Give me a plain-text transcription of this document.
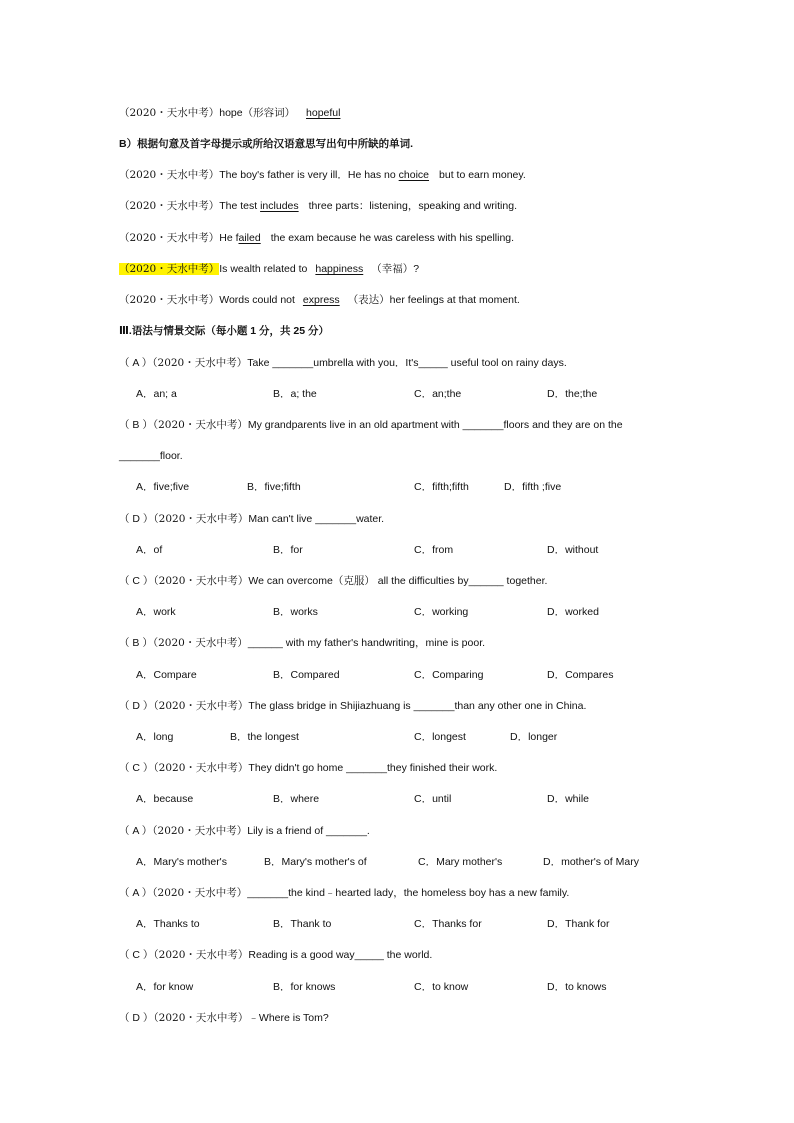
（2020・天水中考）hope（形容词） hopeful
B）根据句意及首字母提示或所给汉语意思写出句中所缺的单词.
（2020・天水中考）The boy's father is very ill．He has no choice but to earn money.
（2020・天水中考）The test includes three parts：listening，speaking and writing.
（2020・天水中考）He failed the exam because he was careless with his spelling.
（2020・天水中考）Is wealth related to happiness （幸福）?
（2020・天水中考）Words could not express （表达）her feelings at that moment.
Ⅲ.语法与情景交际（每小题 1 分，共 25 分）
（ A ）（2020・天水中考）Take _______umbrella with you．It's_____ useful tool on rainy days.
A．an; a	B．a; the	C．an;the	D．the;the
（ B ）（2020・天水中考）My grandparents live in an old apartment with _______floors and they are on the
_______floor.
A．five;five	B．five;fifth	C．fifth;fifth	D．fifth ;five
（ D ）（2020・天水中考）Man can't live _______water.
A．of	B．for	C．from	D．without
（ C ）（2020・天水中考）We can overcome（克服） all the difficulties by______ together.
A．work	B．works	C．working	D．worked
（ B ）（2020・天水中考）______ with my father's handwriting，mine is poor.
A．Compare	B．Compared	C．Comparing	D．Compares
（ D ）（2020・天水中考）The glass bridge in Shijiazhuang is _______than any other one in China.
A．long	B．the longest	C．longest	D．longer
（ C ）（2020・天水中考）They didn't go home _______they finished their work.
A．because	B．where	C．until	D．while
（ A ）（2020・天水中考）Lily is a friend of _______.
A．Mary's mother's	B．Mary's mother's of	C．Mary mother's	D．mother's of Mary
（ A ）（2020・天水中考）_______the kind﹣hearted lady，the homeless boy has a new family.
A．Thanks to	B．Thank to	C．Thanks for	D．Thank for
（ C ）（2020・天水中考）Reading is a good way_____ the world.
A．for know	B．for knows	C．to know	D．to knows
（ D ）（2020・天水中考）﹣Where is Tom?
